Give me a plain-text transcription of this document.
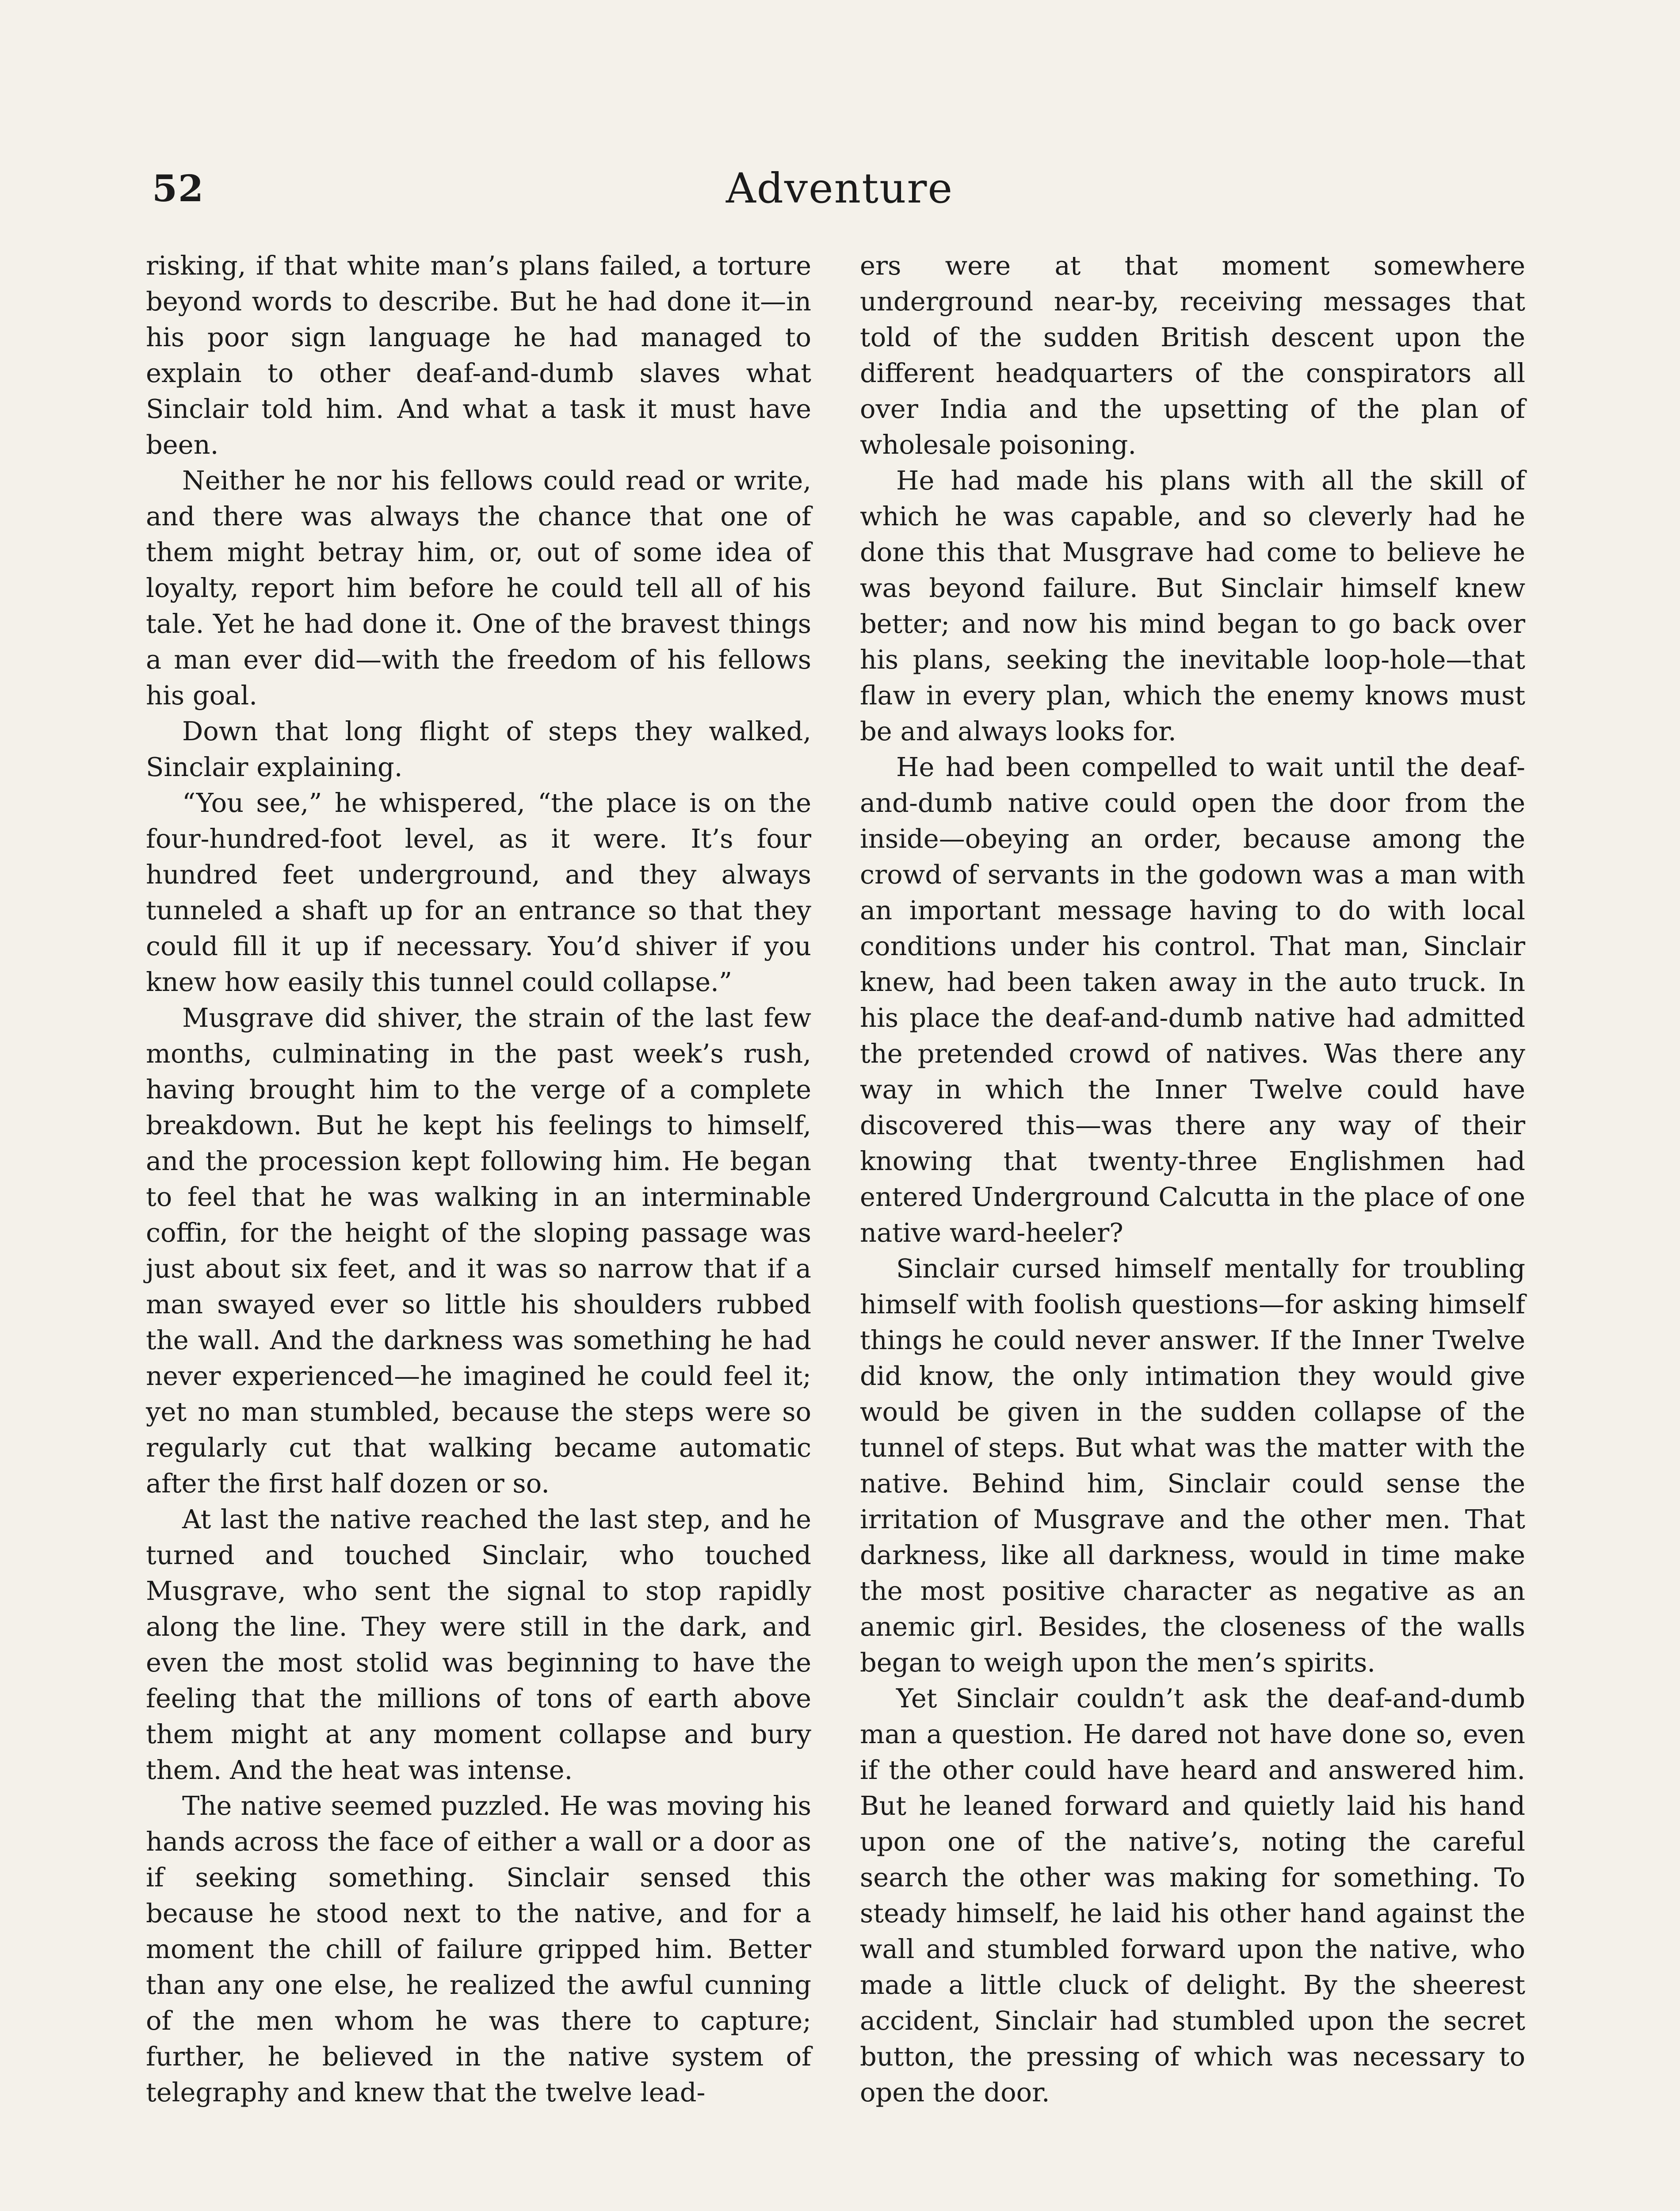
52	Adventure

risking, if that white man’s plans failed, a torture beyond words to describe. But he had done it—in his poor sign language he had managed to explain to other deaf-and-dumb slaves what Sinclair told him. And what a task it must have been.

Neither he nor his fellows could read or write, and there was always the chance that one of them might betray him, or, out of some idea of loyalty, report him before he could tell all of his tale. Yet he had done it. One of the bravest things a man ever did—with the freedom of his fellows his goal.

Down that long flight of steps they walked, Sinclair explaining.

“You see,” he whispered, “the place is on the four-hundred-foot level, as it were. It’s four hundred feet underground, and they always tunneled a shaft up for an entrance so that they could fill it up if necessary. You’d shiver if you knew how easily this tunnel could collapse.”

Musgrave did shiver, the strain of the last few months, culminating in the past week’s rush, having brought him to the verge of a complete breakdown. But he kept his feelings to himself, and the procession kept following him. He began to feel that he was walking in an interminable coffin, for the height of the sloping passage was just about six feet, and it was so narrow that if a man swayed ever so little his shoulders rubbed the wall. And the darkness was something he had never experienced—he imagined he could feel it; yet no man stumbled, because the steps were so regularly cut that walking became automatic after the first half dozen or so.

At last the native reached the last step, and he turned and touched Sinclair, who touched Musgrave, who sent the signal to stop rapidly along the line. They were still in the dark, and even the most stolid was beginning to have the feeling that the millions of tons of earth above them might at any moment collapse and bury them. And the heat was intense.

The native seemed puzzled. He was moving his hands across the face of either a wall or a door as if seeking something. Sinclair sensed this because he stood next to the native, and for a moment the chill of failure gripped him. Better than any one else, he realized the awful cunning of the men whom he was there to capture; further, he believed in the native system of telegraphy and knew that the twelve lead-

ers were at that moment somewhere underground near-by, receiving messages that told of the sudden British descent upon the different headquarters of the conspirators all over India and the upsetting of the plan of wholesale poisoning.

He had made his plans with all the skill of which he was capable, and so cleverly had he done this that Musgrave had come to believe he was beyond failure. But Sinclair himself knew better; and now his mind began to go back over his plans, seeking the inevitable loop-hole—that flaw in every plan, which the enemy knows must be and always looks for.

He had been compelled to wait until the deaf-and-dumb native could open the door from the inside—obeying an order, because among the crowd of servants in the godown was a man with an important message having to do with local conditions under his control. That man, Sinclair knew, had been taken away in the auto truck. In his place the deaf-and-dumb native had admitted the pretended crowd of natives. Was there any way in which the Inner Twelve could have discovered this—was there any way of their knowing that twenty-three Englishmen had entered Underground Calcutta in the place of one native ward-heeler?

Sinclair cursed himself mentally for troubling himself with foolish questions—for asking himself things he could never answer. If the Inner Twelve did know, the only intimation they would give would be given in the sudden collapse of the tunnel of steps. But what was the matter with the native. Behind him, Sinclair could sense the irritation of Musgrave and the other men. That darkness, like all darkness, would in time make the most positive character as negative as an anemic girl. Besides, the closeness of the walls began to weigh upon the men’s spirits.

Yet Sinclair couldn’t ask the deaf-and-dumb man a question. He dared not have done so, even if the other could have heard and answered him. But he leaned forward and quietly laid his hand upon one of the native’s, noting the careful search the other was making for something. To steady himself, he laid his other hand against the wall and stumbled forward upon the native, who made a little cluck of delight. By the sheerest accident, Sinclair had stumbled upon the secret button, the pressing of which was necessary to open the door.
